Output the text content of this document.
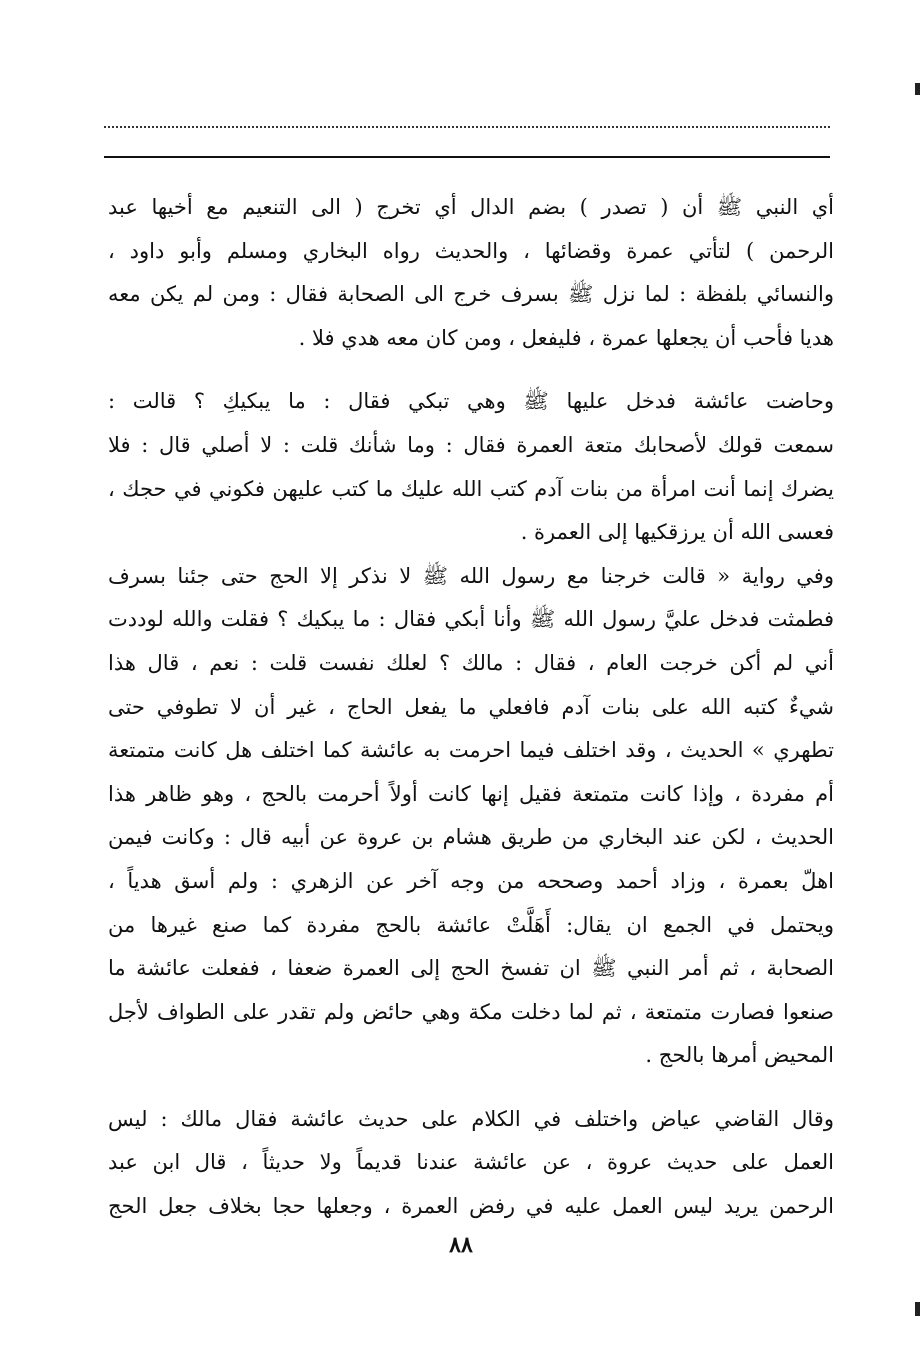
أي النبي ﷺ أن ( تصدر ) بضم الدال أي تخرج ( الى التنعيم مع أخيها عبد
الرحمن ) لتأتي عمرة وقضائها ، والحديث رواه البخاري ومسلم وأبو داود ،
والنسائي بلفظة : لما نزل ﷺ بسرف خرج الى الصحابة فقال : ومن لم يكن معه
هديا فأحب أن يجعلها عمرة ، فليفعل ، ومن كان معه هدي فلا .

وحاضت عائشة فدخل عليها ﷺ وهي تبكي فقال : ما يبكيكِ ؟ قالت :
سمعت قولك لأصحابك متعة العمرة فقال : وما شأنك قلت : لا أصلي قال : فلا
يضرك إنما أنت امرأة من بنات آدم كتب الله عليك ما كتب عليهن فكوني في حجك ،
فعسى الله أن يرزقكيها إلى العمرة .

وفي رواية « قالت خرجنا مع رسول الله ﷺ لا نذكر إلا الحج حتى جئنا بسرف
فطمثت فدخل عليَّ رسول الله ﷺ وأنا أبكي فقال : ما يبكيك ؟ فقلت والله لوددت
أني لم أكن خرجت العام ، فقال : مالك ؟ لعلك نفست قلت : نعم ، قال هذا
شيءٌ كتبه الله على بنات آدم فافعلي ما يفعل الحاج ، غير أن لا تطوفي حتى
تطهري » الحديث ، وقد اختلف فيما احرمت به عائشة كما اختلف هل كانت متمتعة
أم مفردة ، وإذا كانت متمتعة فقيل إنها كانت أولاً أحرمت بالحج ، وهو ظاهر هذا
الحديث ، لكن عند البخاري من طريق هشام بن عروة عن أبيه قال : وكانت فيمن
اهلّ بعمرة ، وزاد أحمد وصححه من وجه آخر عن الزهري : ولم أسق هدياً ،
ويحتمل في الجمع ان يقال: أَهَلَّتْ عائشة بالحج مفردة كما صنع غيرها من
الصحابة ، ثم أمر النبي ﷺ ان تفسخ الحج إلى العمرة ضعفا ، ففعلت عائشة ما
صنعوا فصارت متمتعة ، ثم لما دخلت مكة وهي حائض ولم تقدر على الطواف لأجل
المحيض أمرها بالحج .

وقال القاضي عياض واختلف في الكلام على حديث عائشة فقال مالك : ليس
العمل على حديث عروة ، عن عائشة عندنا قديماً ولا حديثاً ، قال ابن عبد
الرحمن يريد ليس العمل عليه في رفض العمرة ، وجعلها حجا بخلاف جعل الحج

٨٨
